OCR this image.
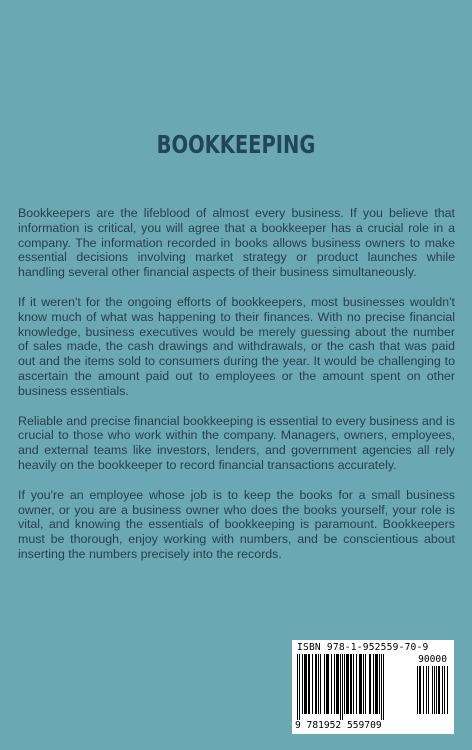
BOOKKEEPING

Bookkeepers are the lifeblood of almost every business. If you believe that information is critical, you will agree that a bookkeeper has a crucial role in a company. The information recorded in books allows business owners to make essential decisions involving market strategy or product launches while handling several other financial aspects of their business simultaneously.

If it weren't for the ongoing efforts of bookkeepers, most businesses wouldn't know much of what was happening to their finances. With no precise financial knowledge, business executives would be merely guessing about the number of sales made, the cash drawings and withdrawals, or the cash that was paid out and the items sold to consumers during the year. It would be challenging to ascertain the amount paid out to employees or the amount spent on other business essentials.

Reliable and precise financial bookkeeping is essential to every business and is crucial to those who work within the company. Managers, owners, employees, and external teams like investors, lenders, and government agencies all rely heavily on the bookkeeper to record financial transactions accurately.

If you're an employee whose job is to keep the books for a small business owner, or you are a business owner who does the books yourself, your role is vital, and knowing the essentials of bookkeeping is paramount. Bookkeepers must be thorough, enjoy working with numbers, and be conscientious about inserting the numbers precisely into the records.

ISBN 978-1-952559-70-9
90000
9 781952 559709
